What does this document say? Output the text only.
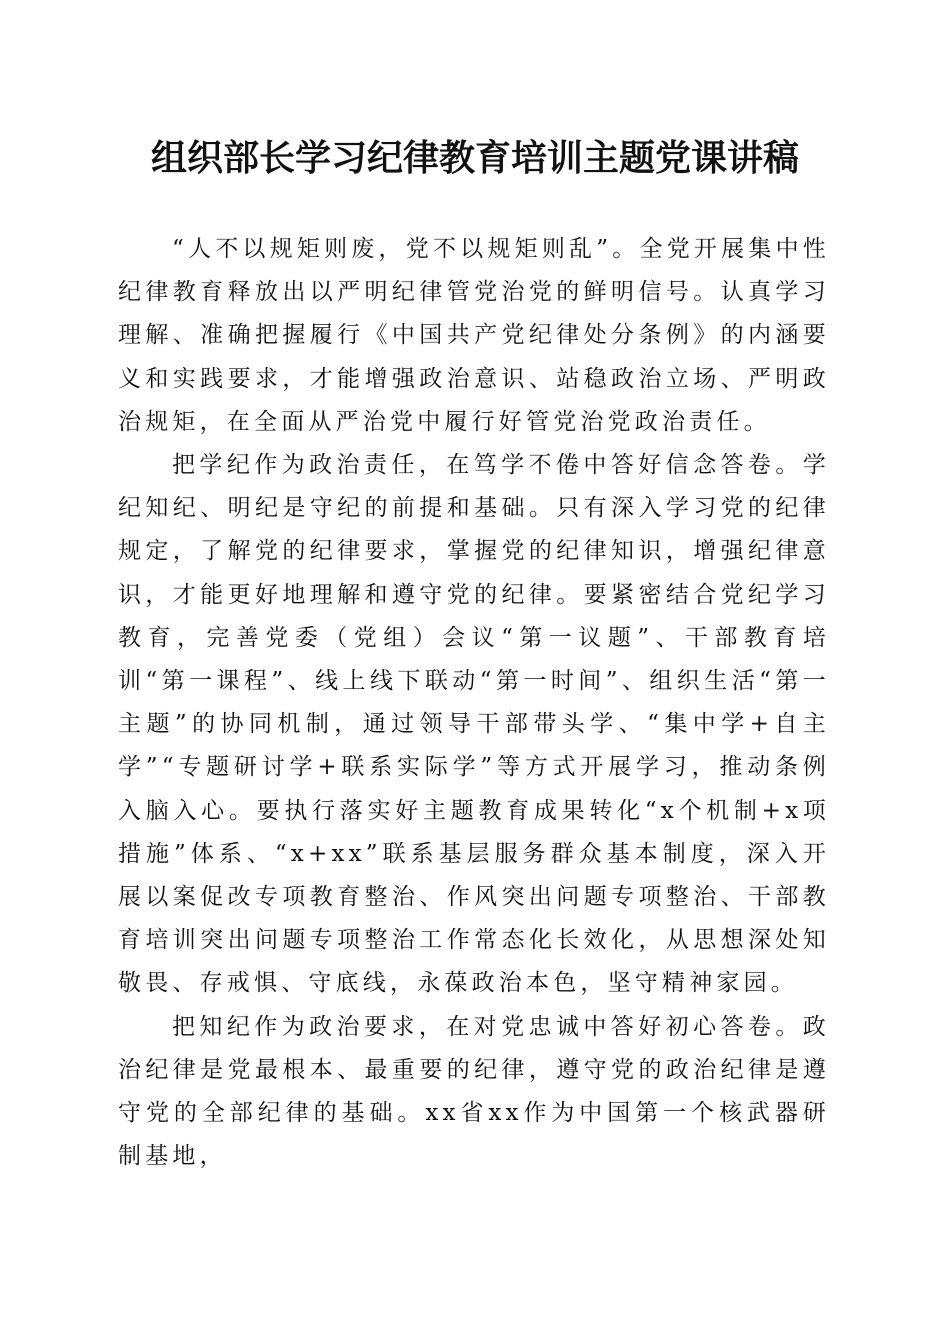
组织部长学习纪律教育培训主题党课讲稿

“人不以规矩则废，党不以规矩则乱”。全党开展集中性纪律教育释放出以严明纪律管党治党的鲜明信号。认真学习理解、准确把握履行《中国共产党纪律处分条例》的内涵要义和实践要求，才能增强政治意识、站稳政治立场、严明政治规矩，在全面从严治党中履行好管党治党政治责任。

把学纪作为政治责任，在笃学不倦中答好信念答卷。学纪知纪、明纪是守纪的前提和基础。只有深入学习党的纪律规定，了解党的纪律要求，掌握党的纪律知识，增强纪律意识，才能更好地理解和遵守党的纪律。要紧密结合党纪学习教育，完善党委（党组）会议“第一议题”、干部教育培训“第一课程”、线上线下联动“第一时间”、组织生活“第一主题”的协同机制，通过领导干部带头学、“集中学+自主学”“专题研讨学+联系实际学”等方式开展学习，推动条例入脑入心。要执行落实好主题教育成果转化“x个机制+x项措施”体系、“x+xx”联系基层服务群众基本制度，深入开展以案促改专项教育整治、作风突出问题专项整治、干部教育培训突出问题专项整治工作常态化长效化，从思想深处知敬畏、存戒惧、守底线，永葆政治本色，坚守精神家园。

把知纪作为政治要求，在对党忠诚中答好初心答卷。政治纪律是党最根本、最重要的纪律，遵守党的政治纪律是遵守党的全部纪律的基础。xx省xx作为中国第一个核武器研制基地，
